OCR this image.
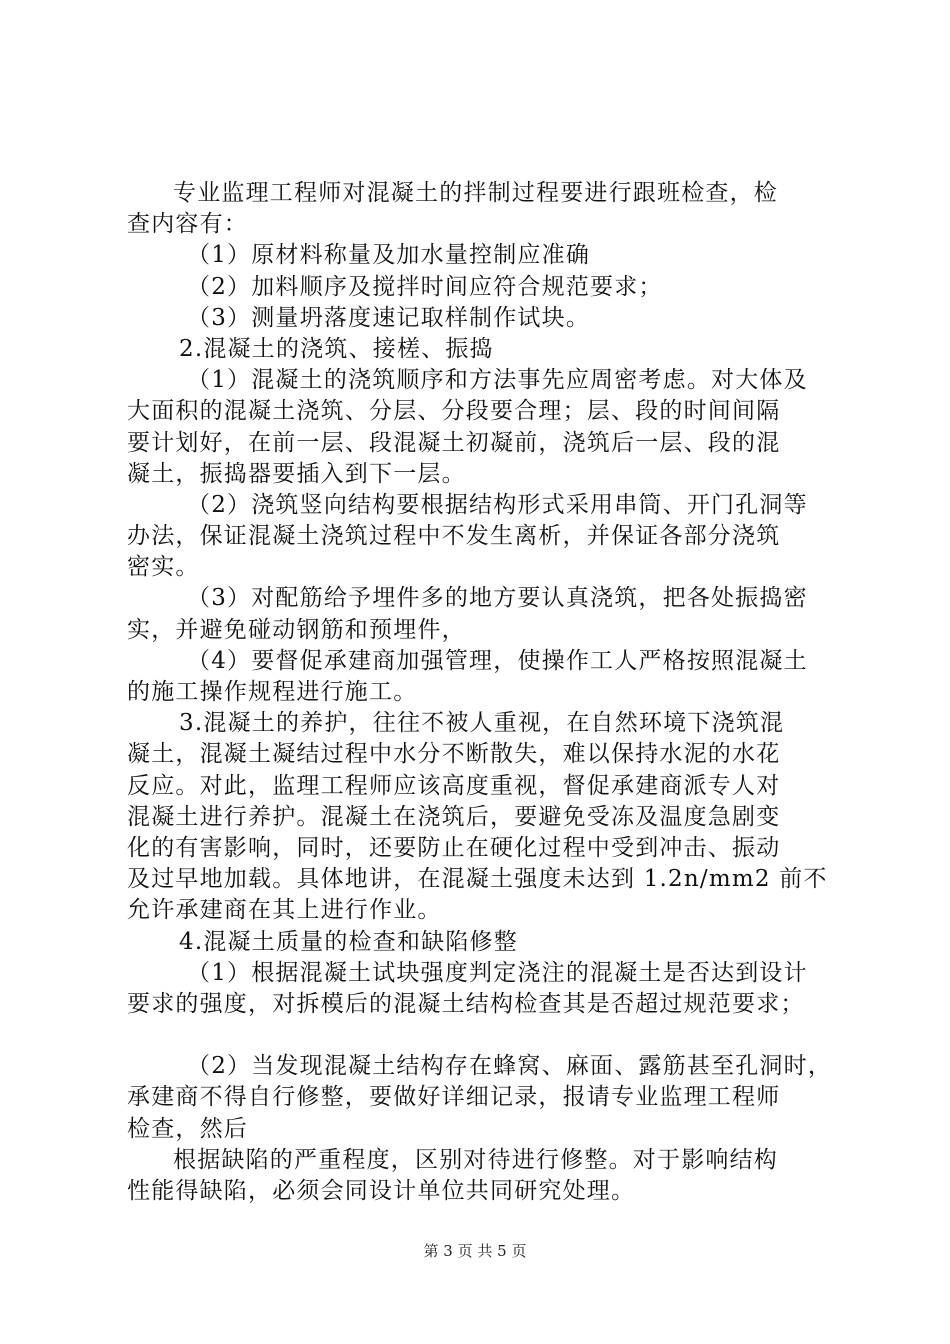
专业监理工程师对混凝土的拌制过程要进行跟班检查，检
查内容有：
（1）原材料称量及加水量控制应准确
（2）加料顺序及搅拌时间应符合规范要求；
（3）测量坍落度速记取样制作试块。
2.混凝土的浇筑、接槎、振捣
（1）混凝土的浇筑顺序和方法事先应周密考虑。对大体及
大面积的混凝土浇筑、分层、分段要合理；层、段的时间间隔
要计划好，在前一层、段混凝土初凝前，浇筑后一层、段的混
凝土，振捣器要插入到下一层。
（2）浇筑竖向结构要根据结构形式采用串筒、开门孔洞等
办法，保证混凝土浇筑过程中不发生离析，并保证各部分浇筑
密实。
（3）对配筋给予埋件多的地方要认真浇筑，把各处振捣密
实，并避免碰动钢筋和预埋件，
（4）要督促承建商加强管理，使操作工人严格按照混凝土
的施工操作规程进行施工。
3.混凝土的养护，往往不被人重视，在自然环境下浇筑混
凝土，混凝土凝结过程中水分不断散失，难以保持水泥的水花
反应。对此，监理工程师应该高度重视，督促承建商派专人对
混凝土进行养护。混凝土在浇筑后，要避免受冻及温度急剧变
化的有害影响，同时，还要防止在硬化过程中受到冲击、振动
及过早地加载。具体地讲，在混凝土强度未达到 1.2n/mm2 前不
允许承建商在其上进行作业。
4.混凝土质量的检查和缺陷修整
（1）根据混凝土试块强度判定浇注的混凝土是否达到设计
要求的强度，对拆模后的混凝土结构检查其是否超过规范要求；
（2）当发现混凝土结构存在蜂窝、麻面、露筋甚至孔洞时，
承建商不得自行修整，要做好详细记录，报请专业监理工程师
检查，然后
根据缺陷的严重程度，区别对待进行修整。对于影响结构
性能得缺陷，必须会同设计单位共同研究处理。
第 3 页 共 5 页
